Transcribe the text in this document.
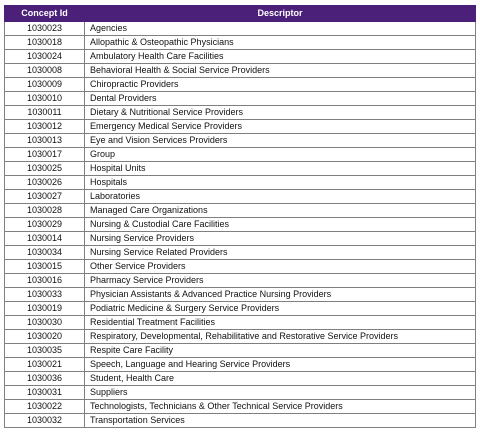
Concept Id	Descriptor
1030023	Agencies
1030018	Allopathic & Osteopathic Physicians
1030024	Ambulatory Health Care Facilities
1030008	Behavioral Health & Social Service Providers
1030009	Chiropractic Providers
1030010	Dental Providers
1030011	Dietary & Nutritional Service Providers
1030012	Emergency Medical Service Providers
1030013	Eye and Vision Services Providers
1030017	Group
1030025	Hospital Units
1030026	Hospitals
1030027	Laboratories
1030028	Managed Care Organizations
1030029	Nursing & Custodial Care Facilities
1030014	Nursing Service Providers
1030034	Nursing Service Related Providers
1030015	Other Service Providers
1030016	Pharmacy Service Providers
1030033	Physician Assistants & Advanced Practice Nursing Providers
1030019	Podiatric Medicine & Surgery Service Providers
1030030	Residential Treatment Facilities
1030020	Respiratory, Developmental, Rehabilitative and Restorative Service Providers
1030035	Respite Care Facility
1030021	Speech, Language and Hearing Service Providers
1030036	Student, Health Care
1030031	Suppliers
1030022	Technologists, Technicians & Other Technical Service Providers
1030032	Transportation Services
